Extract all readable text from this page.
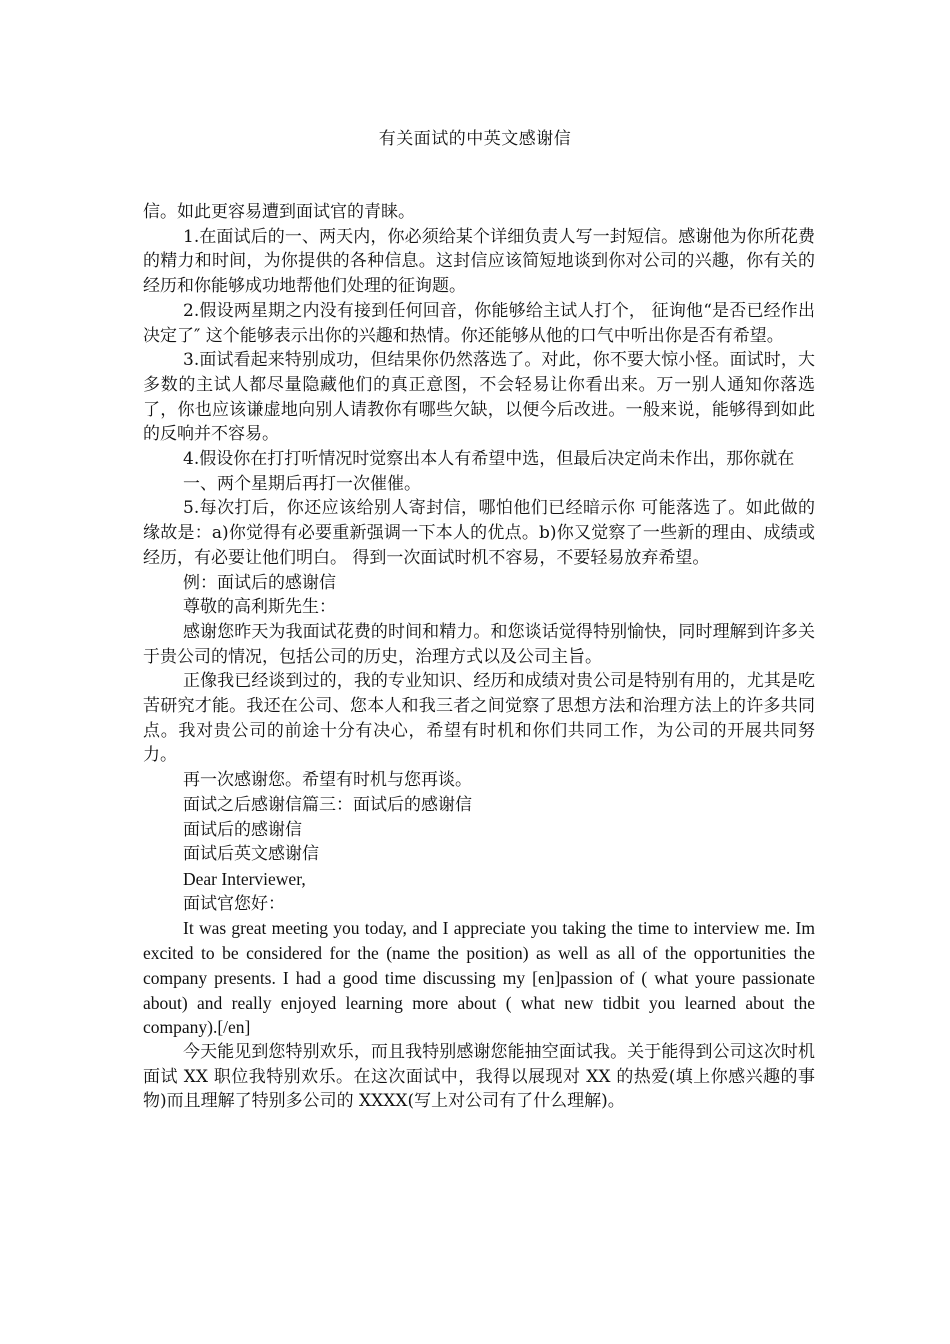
有关面试的中英文感谢信

信。如此更容易遭到面试官的青睐。

1.在面试后的一、两天内，你必须给某个详细负责人写一封短信。感谢他为你所花费的精力和时间，为你提供的各种信息。这封信应该简短地谈到你对公司的兴趣，你有关的经历和你能够成功地帮他们处理的征询题。

2.假设两星期之内没有接到任何回音，你能够给主试人打个， 征询他“是否已经作出决定了″ 这个能够表示出你的兴趣和热情。你还能够从他的口气中听出你是否有希望。

3.面试看起来特别成功，但结果你仍然落选了。对此，你不要大惊小怪。面试时，大多数的主试人都尽量隐藏他们的真正意图，不会轻易让你看出来。万一别人通知你落选了，你也应该谦虚地向别人请教你有哪些欠缺，以便今后改进。一般来说，能够得到如此的反响并不容易。

4.假设你在打打听情况时觉察出本人有希望中选，但最后决定尚未作出，那你就在

一、两个星期后再打一次催催。

5.每次打后，你还应该给别人寄封信，哪怕他们已经暗示你 可能落选了。如此做的缘故是：a)你觉得有必要重新强调一下本人的优点。b)你又觉察了一些新的理由、成绩或经历，有必要让他们明白。 得到一次面试时机不容易，不要轻易放弃希望。

例：面试后的感谢信

尊敬的高利斯先生：

感谢您昨天为我面试花费的时间和精力。和您谈话觉得特别愉快，同时理解到许多关于贵公司的情况，包括公司的历史，治理方式以及公司主旨。

正像我已经谈到过的，我的专业知识、经历和成绩对贵公司是特别有用的，尤其是吃苦研究才能。我还在公司、您本人和我三者之间觉察了思想方法和治理方法上的许多共同点。我对贵公司的前途十分有决心，希望有时机和你们共同工作，为公司的开展共同努力。

再一次感谢您。希望有时机与您再谈。

面试之后感谢信篇三：面试后的感谢信

面试后的感谢信

面试后英文感谢信

Dear Interviewer,

面试官您好：

It was great meeting you today, and I appreciate you taking the time to interview me. Im excited to be considered for the (name the position) as well as all of the opportunities the company presents. I had a good time discussing my [en]passion of ( what youre passionate about) and really enjoyed learning more about ( what new tidbit you learned about the company).[/en]

今天能见到您特别欢乐，而且我特别感谢您能抽空面试我。关于能得到公司这次时机面试 XX 职位我特别欢乐。在这次面试中，我得以展现对 XX 的热爱(填上你感兴趣的事物)而且理解了特别多公司的 XXXX(写上对公司有了什么理解)。
